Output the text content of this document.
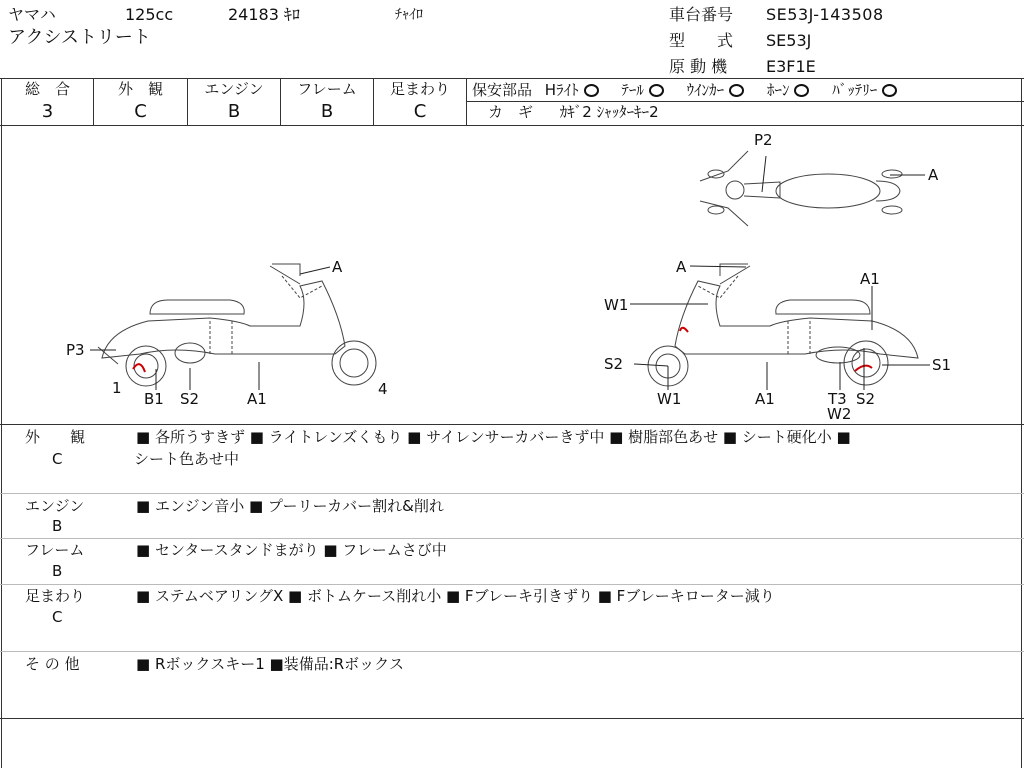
ヤマハ	125cc	24183 ｷﾛ	ﾁｬｲﾛ
アクシストリート
車台番号 SE53J-143508
型　　式 SE53J
原 動 機 E3F1E
総　合
3
外　観
C
エンジン
B
フレーム
B
足まわり
C
保安部品 Hﾗｲﾄ	ﾃｰﾙ	ｳｲﾝｶｰ	ﾎｰﾝ	ﾊﾞｯﾃﾘｰ
カ　ギ ｶｷﾞ2 ｼｬｯﾀｰｷｰ2
P2
A
A
P3
1
B1 S2	A1
4
A
A1
W1
S2	S1
W1	A1	T3
W2
S2
外　　観
C
■ 各所うすきず ■ ライトレンズくもり ■ サイレンサーカバーきず中 ■ 樹脂部色あせ ■ シート硬化小 ■
シート色あせ中
エンジン
B
■ エンジン音小 ■ プーリーカバー割れ&削れ
フレーム
B
■ センタースタンドまがり ■ フレームさび中
足まわり
C
■ ステムベアリングX ■ ボトムケース削れ小 ■ Fブレーキ引きずり ■ Fブレーキローター減り
そ の 他	■ Rボックスキー1 ■装備品:Rボックス
